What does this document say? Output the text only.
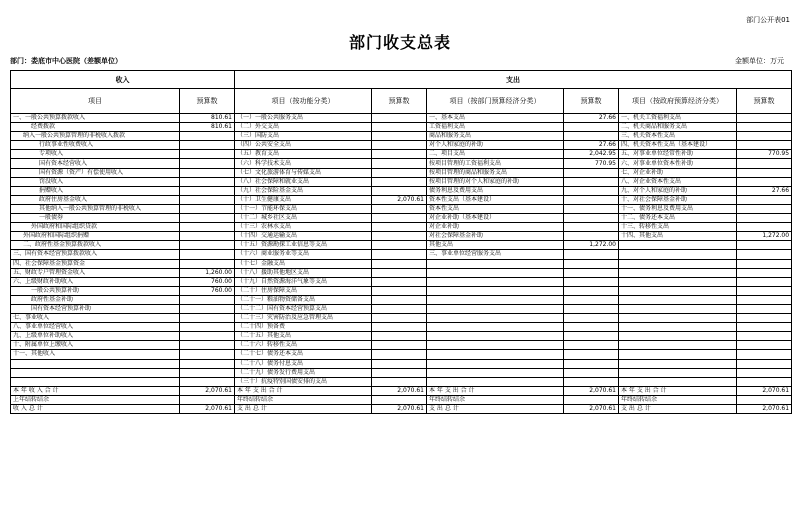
部门公开表01
部门收支总表
部门：娄底市中心医院（差额单位）	金额单位：万元
收入		支出					
项目	预算数	项目（按功能分类）	预算数	项目（按部门预算经济分类）	预算数	项目（按政府预算经济分类）	预算数
一、一般公共预算拨款收入	810.61	（一）一般公共服务支出		一、基本支出	27.66	一、机关工资福利支出	
经费拨款	810.61	（二）外交支出		工资福利支出		二、机关商品和服务支出	
纳入一般公共预算管理的非税收入拨款		（三）国防支出		商品和服务支出		三、机关资本性支出	
行政事业性收费收入		（四）公共安全支出		对个人和家庭的补助	27.66	四、机关资本性支出（基本建设）	
专项收入		（五）教育支出		二、项目支出	2,042.95	五、对事业单位经常性补助	770.95
国有资本经营收入		（六）科学技术支出		按项目管理的工资福利支出	770.95	六、对事业单位资本性补助	
国有资源（资产）有偿使用收入		（七）文化旅游体育与传媒支出		按项目管理的商品和服务支出		七、对企业补助	
罚没收入		（八）社会保障和就业支出		按项目管理的对个人和家庭的补助		八、对企业资本性支出	
捐赠收入		（九）社会保险基金支出		债务利息及费用支出		九、对个人和家庭的补助	27.66
政府住房基金收入		（十）卫生健康支出	2,070.61	资本性支出（基本建设）		十、对社会保障基金补助	
其他纳入一般公共预算管理的非税收入		（十一）节能环保支出		资本性支出		十一、债务利息及费用支出	
一般债券		（十二）城乡社区支出		对企业补助（基本建设）		十二、债务还本支出	
外国政府和国际组织贷款		（十三）农林水支出		对企业补助		十三、转移性支出	
外国政府和国际组织捐赠		（十四）交通运输支出		对社会保障基金补助		十四、其他支出	1,272.00
二、政府性基金预算拨款收入		（十五）资源勘探工业信息等支出		其他支出	1,272.00		
三、国有资本经营预算拨款收入		（十六）商业服务业等支出		三、事业单位经营服务支出			
四、社会保障基金预算资金		（十七）金融支出					
五、财政专户管理资金收入	1,260.00	（十八）援助其他地区支出					
六、上级财政补助收入	760.00	（十九）自然资源海洋气象等支出					
一般公共预算补助	760.00	（二十）住房保障支出					
政府性基金补助		（二十一）粮油物资储备支出					
国有资本经营预算补助		（二十二）国有资本经营预算支出					
七、事业收入		（二十三）灾害防治及应急管理支出					
八、事业单位经营收入		（二十四）预备费					
九、上级单位补助收入		（二十五）其他支出					
十、附属单位上缴收入		（二十六）转移性支出					
十一、其他收入		（二十七）债务还本支出					
		（二十八）债务付息支出					
		（二十九）债务发行费用支出					
		（三十）抗疫特别国债安排的支出					
本 年 收 入 合 计	2,070.61	本 年 支 出 合 计	2,070.61	本 年 支 出 合 计	2,070.61	本 年 支 出 合 计	2,070.61
上年结转结余		年终结转结余		年终结转结余		年终结转结余	
收 入 总 计	2,070.61	支 出 总 计	2,070.61	支 出 总 计	2,070.61	支 出 总 计	2,070.61
